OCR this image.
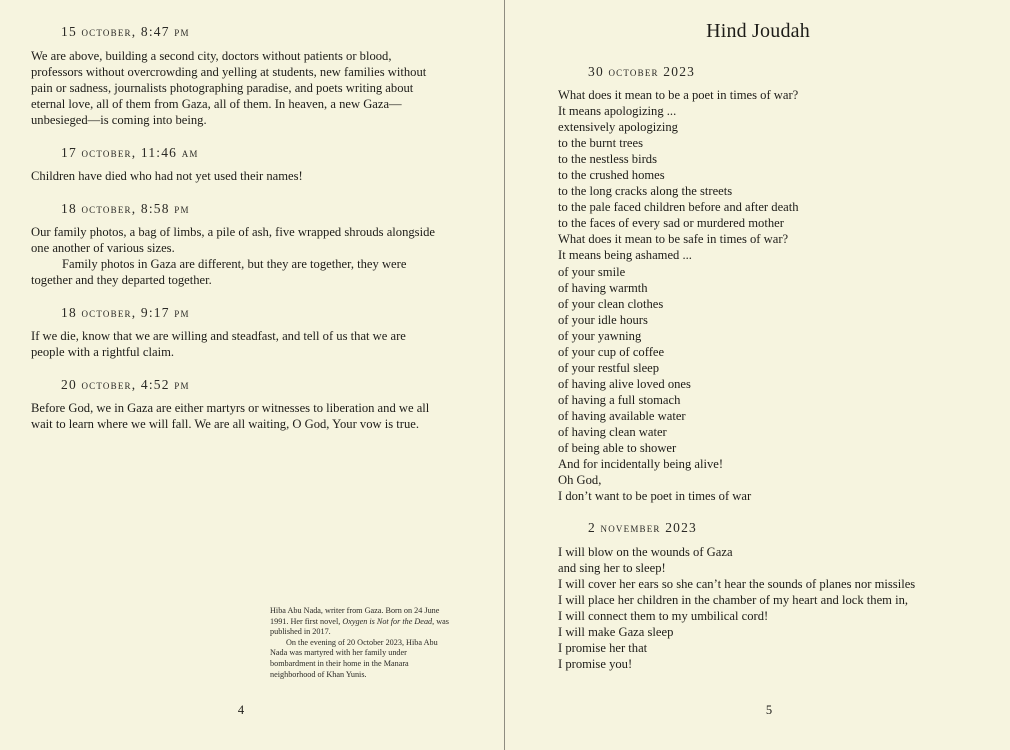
15 october, 8:47 pm

We are above, building a second city, doctors without patients or blood, professors without overcrowding and yelling at students, new families without pain or sadness, journalists photographing paradise, and poets writing about eternal love, all of them from Gaza, all of them. In heaven, a new Gaza—unbesieged—is coming into being.

17 october, 11:46 am

Children have died who had not yet used their names!

18 october, 8:58 pm

Our family photos, a bag of limbs, a pile of ash, five wrapped shrouds alongside one another of various sizes.

Family photos in Gaza are different, but they are together, they were together and they departed together.

18 october, 9:17 pm

If we die, know that we are willing and steadfast, and tell of us that we are people with a rightful claim.

20 october, 4:52 pm

Before God, we in Gaza are either martyrs or witnesses to liberation and we all wait to learn where we will fall. We are all waiting, O God, Your vow is true.

Hiba Abu Nada, writer from Gaza. Born on 24 June 1991. Her first novel, Oxygen is Not for the Dead, was published in 2017.

On the evening of 20 October 2023, Hiba Abu Nada was martyred with her family under bombardment in their home in the Manara neighborhood of Khan Yunis.

4
Hind Joudah
30 october 2023
What does it mean to be a poet in times of war?
It means apologizing ...
extensively apologizing
to the burnt trees
to the nestless birds
to the crushed homes
to the long cracks along the streets
to the pale faced children before and after death
to the faces of every sad or murdered mother
What does it mean to be safe in times of war?
It means being ashamed ...
of your smile
of having warmth
of your clean clothes
of your idle hours
of your yawning
of your cup of coffee
of your restful sleep
of having alive loved ones
of having a full stomach
of having available water
of having clean water
of being able to shower
And for incidentally being alive!
Oh God,
I don’t want to be poet in times of war
2 november 2023
I will blow on the wounds of Gaza
and sing her to sleep!
I will cover her ears so she can’t hear the sounds of planes nor missiles
I will place her children in the chamber of my heart and lock them in,
I will connect them to my umbilical cord!
I will make Gaza sleep
I promise her that
I promise you!
5
